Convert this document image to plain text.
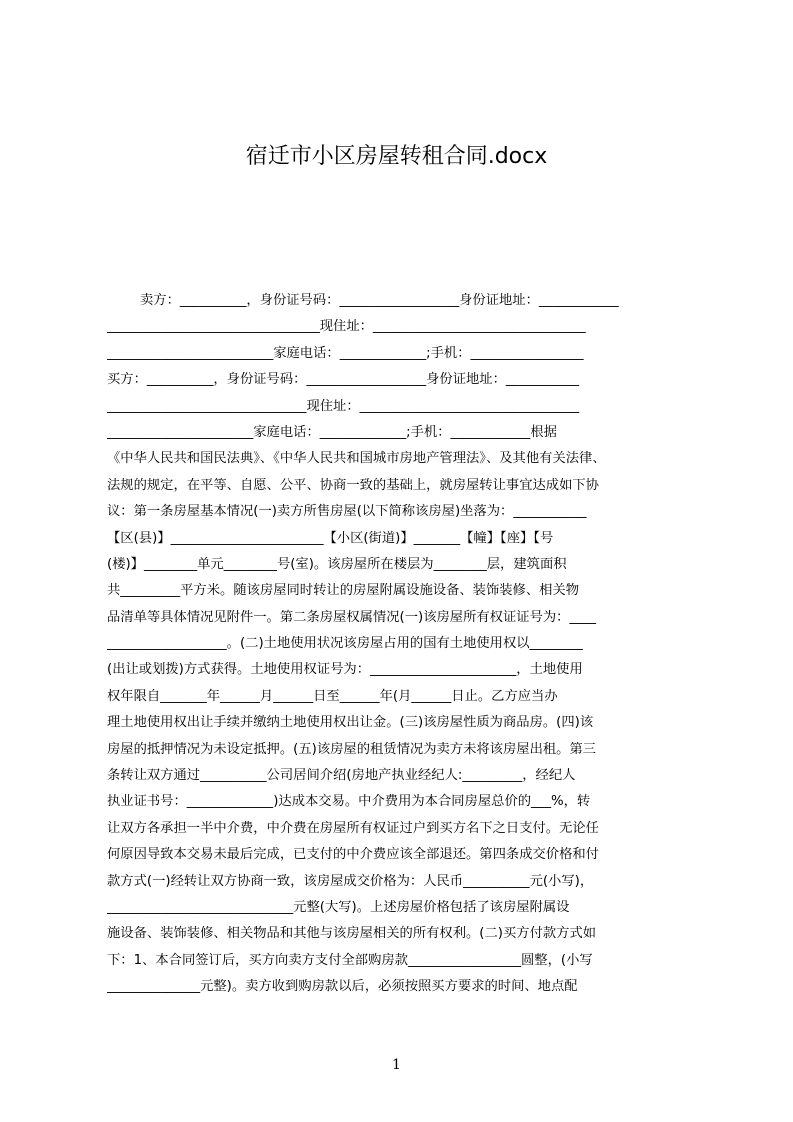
宿迁市小区房屋转租合同.docx
卖方：__________，身份证号码：__________________身份证地址：____________
________________________________现住址：________________________________
_________________________家庭电话：_____________;手机：_________________
买方：__________，身份证号码：__________________身份证地址：___________
______________________________现住址：_________________________________
______________________家庭电话：_____________;手机：____________根据
《中华人民共和国民法典》、《中华人民共和国城市房地产管理法》、及其他有关法律、
法规的规定，在平等、自愿、公平、协商一致的基础上，就房屋转让事宜达成如下协
议：第一条房屋基本情况(一)卖方所售房屋(以下简称该房屋)坐落为：___________
【区(县)】_______________________【小区(街道)】_______【幢】【座】【号
(楼)】________单元________号(室)。该房屋所在楼层为________层，建筑面积
共_________平方米。随该房屋同时转让的房屋附属设施设备、装饰装修、相关物
品清单等具体情况见附件一。第二条房屋权属情况(一)该房屋所有权证证号为：____
__________________。(二)土地使用状况该房屋占用的国有土地使用权以________
(出让或划拨)方式获得。土地使用权证号为：______________________，土地使用
权年限自_______年______月______日至______年(月______日止。乙方应当办
理土地使用权出让手续并缴纳土地使用权出让金。(三)该房屋性质为商品房。(四)该
房屋的抵押情况为未设定抵押。(五)该房屋的租赁情况为卖方未将该房屋出租。第三
条转让双方通过__________公司居间介绍(房地产执业经纪人:_________，经纪人
执业证书号：_____________)达成本交易。中介费用为本合同房屋总价的___%，转
让双方各承担一半中介费，中介费在房屋所有权证过户到买方名下之日支付。无论任
何原因导致本交易未最后完成，已支付的中介费应该全部退还。第四条成交价格和付
款方式(一)经转让双方协商一致，该房屋成交价格为：人民币__________元(小写)，
____________________________元整(大写)。上述房屋价格包括了该房屋附属设
施设备、装饰装修、相关物品和其他与该房屋相关的所有权利。(二)买方付款方式如
下：1、本合同签订后，买方向卖方支付全部购房款_________________圆整，(小写
______________元整)。卖方收到购房款以后，必须按照买方要求的时间、地点配
1
